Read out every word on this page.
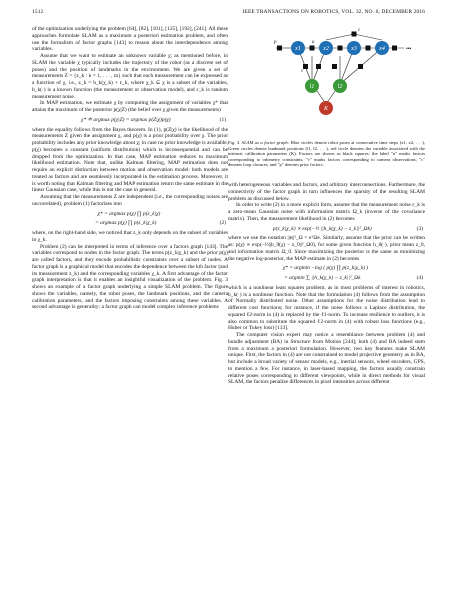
1512	IEEE TRANSACTIONS ON ROBOTICS, VOL. 32, NO. 6, DECEMBER 2016

of the optimization underlying the problem [64], [82], [101], [125], [192], [241]. All these approaches formulate SLAM as a maximum a posteriori estimation problem, and often use the formalism of factor graphs [143] to reason about the interdependence among variables.

Assume that we want to estimate an unknown variable χ; as mentioned before, in SLAM the variable χ typically includes the trajectory of the robot (as a discrete set of poses) and the position of landmarks in the environment. We are given a set of measurements Z = {z_k : k = 1, . . . , m} such that each measurement can be expressed as a function of χ, i.e., z_k = h_k(χ_k) + ε_k, where χ_k ⊆ χ is a subset of the variables, h_k(·) is a known function (the measurement or observation model), and ε_k is random measurement noise.

In MAP estimation, we estimate χ by computing the assignment of variables χ* that attains the maximum of the posterior p(χ|Z) (the belief over χ given the measurements)

χ* ≐ argmax p(χ|Z) = argmax p(Z|χ)p(χ)	(1)

where the equality follows from the Bayes theorem. In (1), p(Z|χ) is the likelihood of the measurements Z given the assignment χ, and p(χ) is a prior probability over χ. The prior probability includes any prior knowledge about χ; in case no prior knowledge is available, p(χ) becomes a constant (uniform distribution) which is inconsequential and can be dropped from the optimization. In that case, MAP estimation reduces to maximum likelihood estimation. Note that, unlike Kalman filtering, MAP estimation does not require an explicit distinction between motion and observation model: both models are treated as factors and are seamlessly incorporated in the estimation process. Moreover, it is worth noting that Kalman filtering and MAP estimation return the same estimate in the linear Gaussian case, while this is not the case in general.

Assuming that the measurements Z are independent (i.e., the corresponding noises are uncorrelated), problem (1) factorizes into

χ* = argmax p(χ) ∏ p(z_k|χ)
= argmax p(χ) ∏ p(z_k|χ_k)	(2)

where, on the right-hand side, we noticed that z_k only depends on the subset of variables in χ_k.

Problem (2) can be interpreted in terms of inference over a factors graph [143]. The variables correspond to nodes in the factor graph. The terms p(z_k|χ_k) and the prior p(χ) are called factors, and they encode probabilistic constraints over a subset of nodes. A factor graph is a graphical model that encodes the dependence between the kth factor (and its measurement z_k) and the corresponding variables χ_k. A first advantage of the factor graph interpretation is that it enables an insightful visualization of the problem. Fig. 3 shows an example of a factor graph underlying a simple SLAM problem. The figure shows the variables, namely, the robot poses, the landmark positions, and the camera calibration parameters, and the factors imposing constraints among these variables. A second advantage is generality: a factor graph can model complex inference problems

x1	x2	x3	x4
l1	l2
K
p	u
v
c
•••
Fig. 3. SLAM as a factor graph: Blue circles denote robot poses at consecutive time steps (x1, x2, . . .), Green circles denote landmark positions (l1, l2, . . .), red circle denotes the variable associated with the intrinsic calibration parameters (K). Factors are shown as black squares: the label "u" marks factors corresponding to odometry constraints, "v" marks factors corresponding to camera observations, "c" denotes loop closures, and "p" denotes prior factors.

with heterogeneous variables and factors, and arbitrary interconnections. Furthermore, the connectivity of the factor graph in turn influences the sparsity of the resulting SLAM problem as discussed below.

In order to write (2) in a more explicit form, assume that the measurement noise ε_k is a zero-mean Gaussian noise with information matrix Ω_k (inverse of the covariance matrix). Then, the measurement likelihood in (2) becomes

p(z_k|χ_k) ∝ exp(−½ ||h_k(χ_k) − z_k||²_Ωk)	(3)

where we use the notation ||e||²_Ω = eᵀΩe. Similarly, assume that the prior can be written as: p(χ) ∝ exp(−½||h_0(χ) − z_0||²_Ω0), for some given function h_0(·), prior mean z_0, and information matrix Ω_0. Since maximizing the posterior is the same as minimizing the negative log-posterior, the MAP estimate in (2) becomes

χ* = argmin −log ( p(χ) ∏ p(z_k|χ_k) )
= argmin ∑ ||h_k(χ_k) − z_k||²_Ωk	(4)

which is a nonlinear least squares problem, as in most problems of interest in robotics, h_k(·) is a nonlinear function. Note that the formulation (4) follows from the assumption of Normally distributed noise. Other assumptions for the noise distribution lead to different cost functions; for instance, if the noise follows a Laplace distribution, the squared ℓ2-norm in (4) is replaced by the ℓ1-norm. To increase resilience to outliers, it is also common to substitute the squared ℓ2-norm in (4) with robust loss functions (e.g., Huber or Tukey loss) [113].

The computer vision expert may notice a resemblance between problem (4) and bundle adjustment (BA) in Structure from Motion [244]; both (4) and BA indeed stem from a maximum a posteriori formulation. However, two key features make SLAM unique. First, the factors in (4) are not constrained to model projective geometry as in BA, but include a broad variety of sensor models, e.g., inertial sensors, wheel encoders, GPS, to mention a few. For instance, in laser-based mapping, the factors usually constrain relative poses corresponding to different viewpoints, while in direct methods for visual SLAM, the factors penalize differences in pixel intensities across different
